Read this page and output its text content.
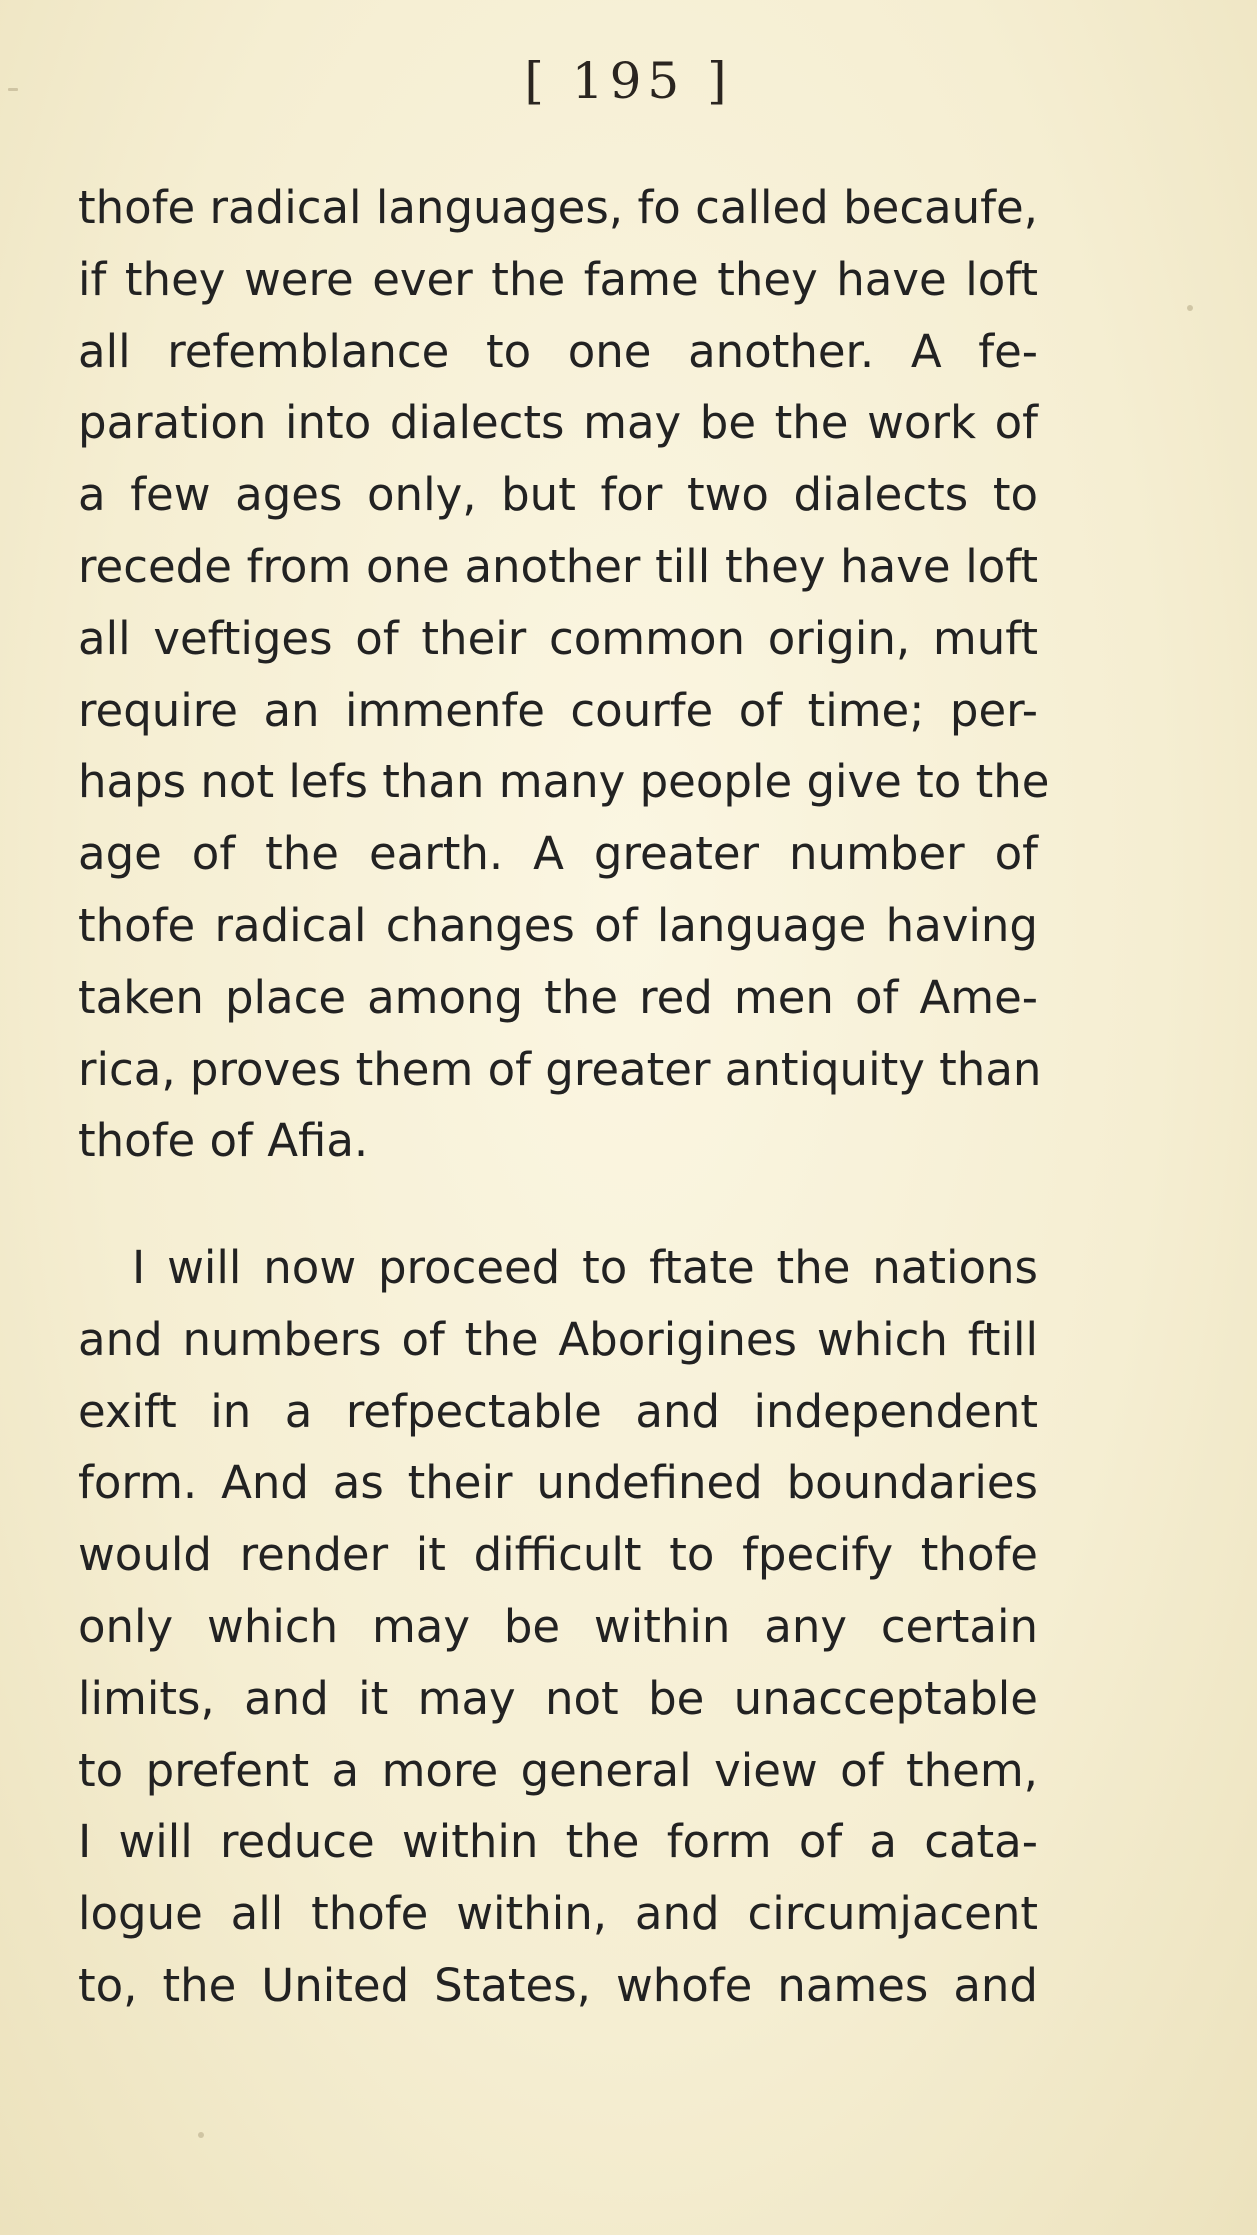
[ 195 ]
thofe radical languages, fo called becaufe,
if they were ever the fame they have loft
all refemblance to one another. A fe-
paration into dialects may be the work of
a few ages only, but for two dialects to
recede from one another till they have loft
all veftiges of their common origin, muft
require an immenfe courfe of time; per-
haps not lefs than many people give to the
age of the earth. A greater number of
thofe radical changes of language having
taken place among the red men of Ame-
rica, proves them of greater antiquity than
thofe of Afia.
I will now proceed to ftate the nations
and numbers of the Aborigines which ftill
exift in a refpectable and independent
form. And as their undefined boundaries
would render it difficult to fpecify thofe
only which may be within any certain
limits, and it may not be unacceptable
to prefent a more general view of them,
I will reduce within the form of a cata-
logue all thofe within, and circumjacent
to, the United States, whofe names and
